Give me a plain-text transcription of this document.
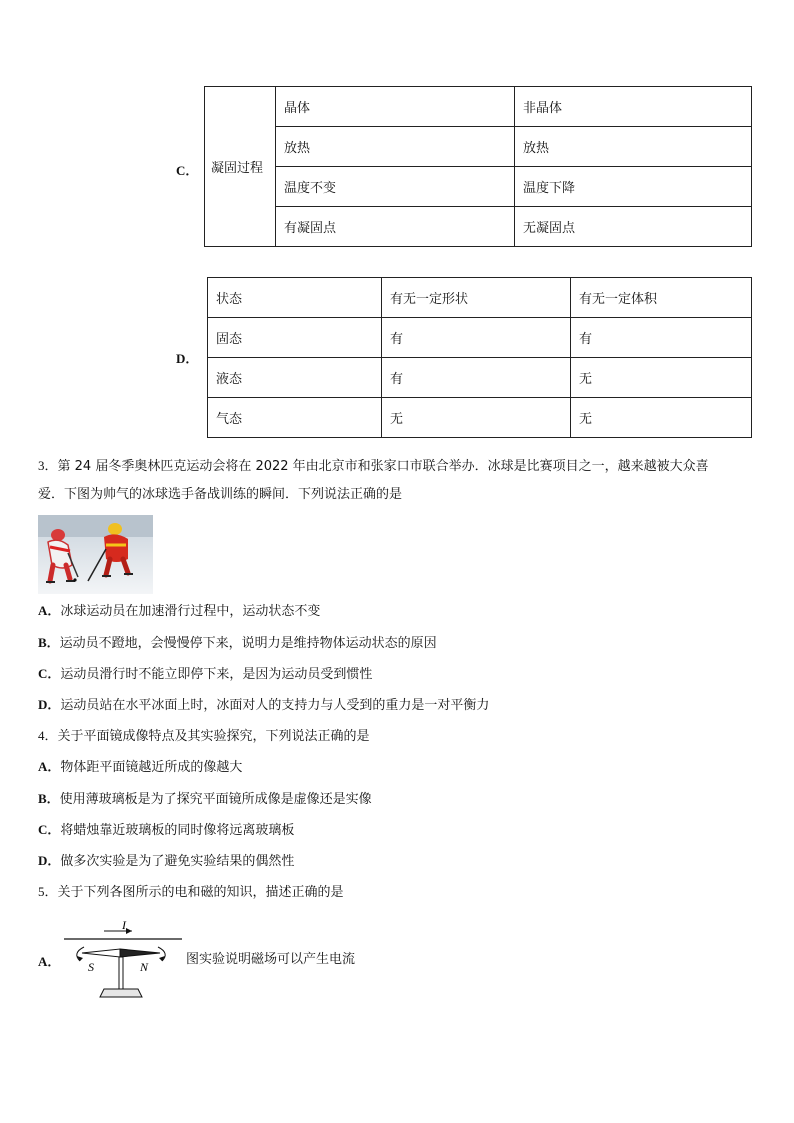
C． 凝固过程	晶体	非晶体
	放热	放热
	温度不变	温度下降
	有凝固点	无凝固点
D．
状态	有无一定形状	有无一定体积
固态	有	有
液态	有	无
气态	无	无
3．第 24 届冬季奥林匹克运动会将在 2022 年由北京市和张家口市联合举办．冰球是比赛项目之一，越来越被大众喜
爱．下图为帅气的冰球选手备战训练的瞬间．下列说法正确的是
A．冰球运动员在加速滑行过程中，运动状态不变
B．运动员不蹬地，会慢慢停下来，说明力是维持物体运动状态的原因
C．运动员滑行时不能立即停下来，是因为运动员受到惯性
D．运动员站在水平冰面上时，冰面对人的支持力与人受到的重力是一对平衡力
4．关于平面镜成像特点及其实验探究，下列说法正确的是
A．物体距平面镜越近所成的像越大
B．使用薄玻璃板是为了探究平面镜所成像是虚像还是实像
C．将蜡烛靠近玻璃板的同时像将远离玻璃板
D．做多次实验是为了避免实验结果的偶然性
5．关于下列各图所示的电和磁的知识，描述正确的是
A．
I
S	N	图实验说明磁场可以产生电流
